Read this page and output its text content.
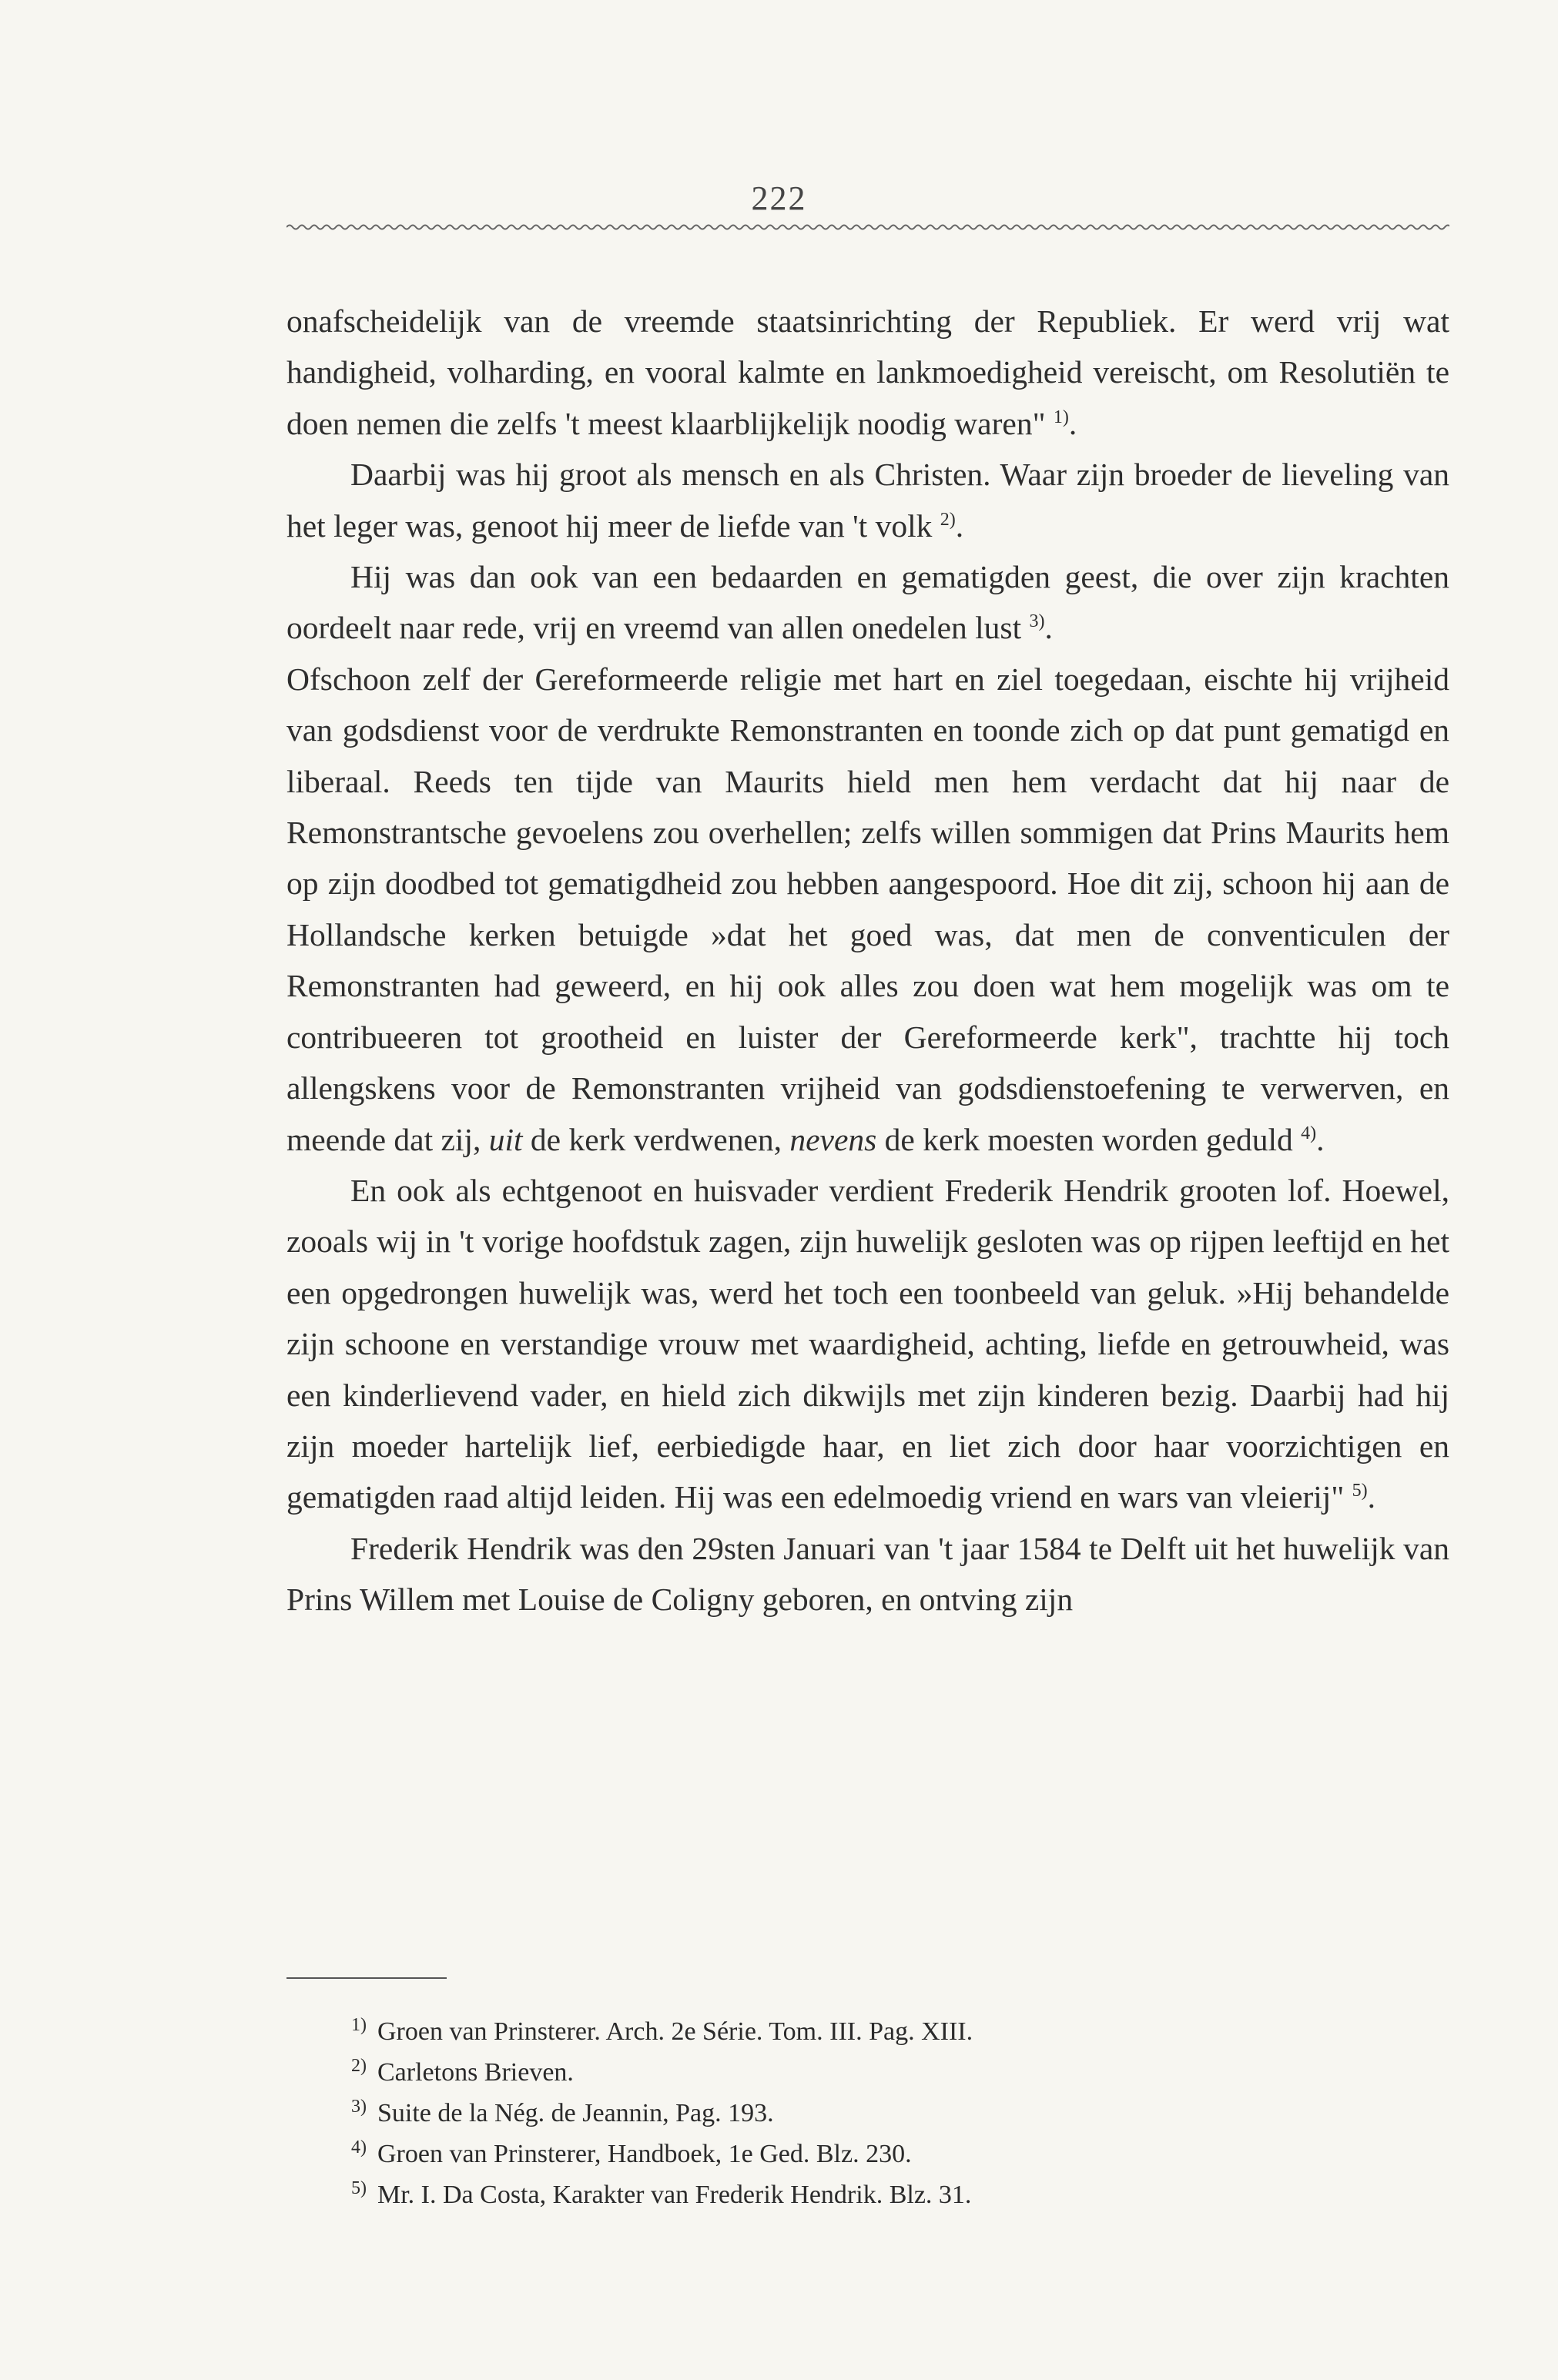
222

onafscheidelijk van de vreemde staatsinrichting der Republiek. Er werd vrij wat handigheid, volharding, en vooral kalmte en lankmoedigheid vereischt, om Resolutiën te doen nemen die zelfs 't meest klaarblijkelijk noodig waren" $^{1)}$.

Daarbij was hij groot als mensch en als Christen. Waar zijn broeder de lieveling van het leger was, genoot hij meer de liefde van 't volk $^{2)}$.

Hij was dan ook van een bedaarden en gematigden geest, die over zijn krachten oordeelt naar rede, vrij en vreemd van allen onedelen lust $^{3)}$.

Ofschoon zelf der Gereformeerde religie met hart en ziel toegedaan, eischte hij vrijheid van godsdienst voor de verdrukte Remonstranten en toonde zich op dat punt gematigd en liberaal. Reeds ten tijde van Maurits hield men hem verdacht dat hij naar de Remonstrantsche gevoelens zou overhellen; zelfs willen sommigen dat Prins Maurits hem op zijn doodbed tot gematigdheid zou hebben aangespoord. Hoe dit zij, schoon hij aan de Hollandsche kerken betuigde »dat het goed was, dat men de conventiculen der Remonstranten had geweerd, en hij ook alles zou doen wat hem mogelijk was om te contribueeren tot grootheid en luister der Gereformeerde kerk", trachtte hij toch allengskens voor de Remonstranten vrijheid van godsdienstoefening te verwerven, en meende dat zij, uit de kerk verdwenen, nevens de kerk moesten worden geduld $^{4)}$.

En ook als echtgenoot en huisvader verdient Frederik Hendrik grooten lof. Hoewel, zooals wij in 't vorige hoofdstuk zagen, zijn huwelijk gesloten was op rijpen leeftijd en het een opgedrongen huwelijk was, werd het toch een toonbeeld van geluk. »Hij behandelde zijn schoone en verstandige vrouw met waardigheid, achting, liefde en getrouwheid, was een kinderlievend vader, en hield zich dikwijls met zijn kinderen bezig. Daarbij had hij zijn moeder hartelijk lief, eerbiedigde haar, en liet zich door haar voorzichtigen en gematigden raad altijd leiden. Hij was een edelmoedig vriend en wars van vleierij" $^{5)}$.

Frederik Hendrik was den 29sten Januari van 't jaar 1584 te Delft uit het huwelijk van Prins Willem met Louise de Coligny geboren, en ontving zijn

$^{1)}$ Groen van Prinsterer. Arch. 2e Série. Tom. III. Pag. XIII.
$^{2)}$ Carletons Brieven.
$^{3)}$ Suite de la Nég. de Jeannin, Pag. 193.
$^{4)}$ Groen van Prinsterer, Handboek, 1e Ged. Blz. 230.
$^{5)}$ Mr. I. Da Costa, Karakter van Frederik Hendrik. Blz. 31.
